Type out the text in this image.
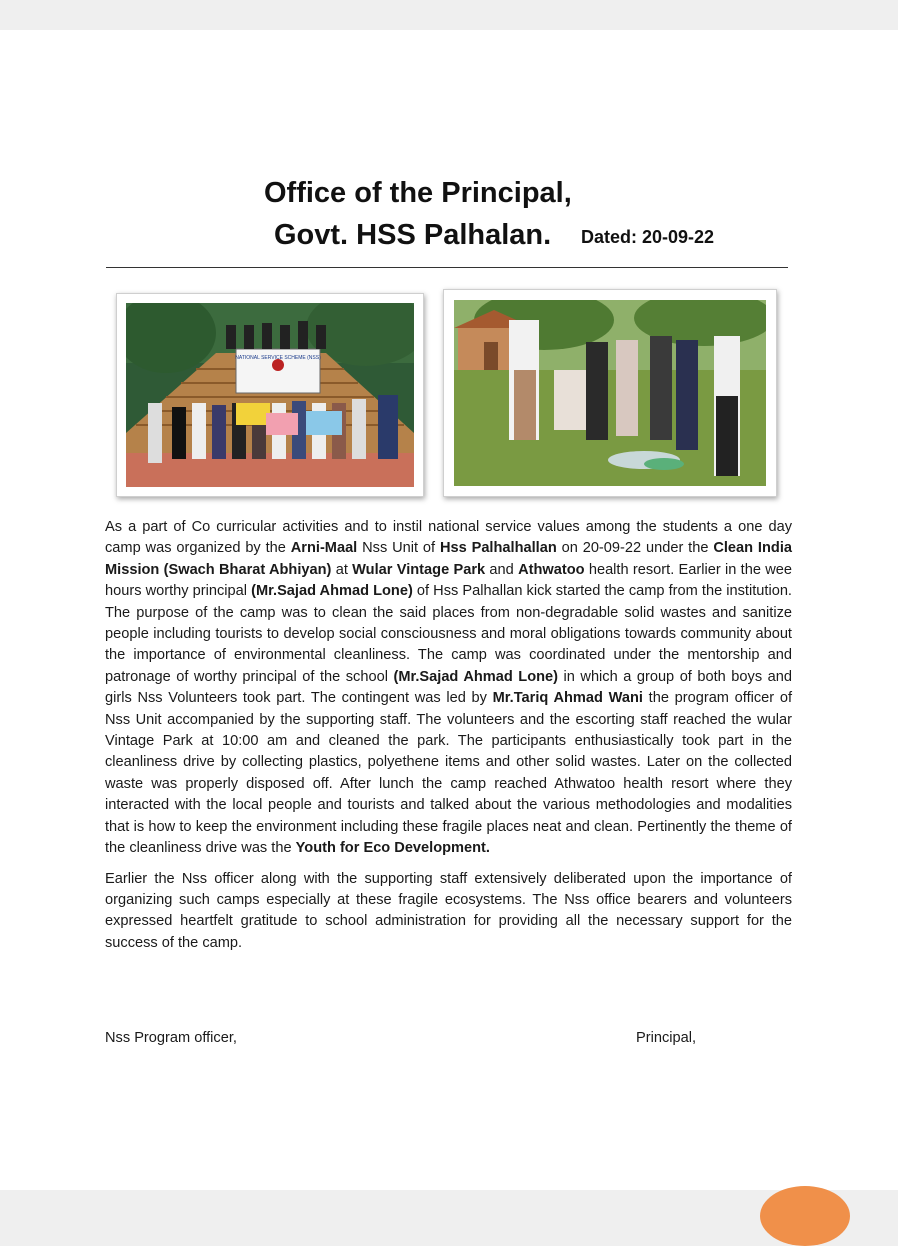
Office of the Principal,
Govt. HSS Palhalan. Dated: 20-09-22
NATIONAL SERVICE SCHEME (NSS)

As a part of Co curricular activities and to instil national service values among the students a one day camp was organized by the Arni-Maal Nss Unit of Hss Palhalhallan on 20-09-22 under the Clean India Mission (Swach Bharat Abhiyan) at Wular Vintage Park and Athwatoo health resort. Earlier in the wee hours worthy principal (Mr.Sajad Ahmad Lone) of Hss Palhallan kick started the camp from the institution. The purpose of the camp was to clean the said places from non-degradable solid wastes and sanitize people including tourists to develop social consciousness and moral obligations towards community about the importance of environmental cleanliness. The camp was coordinated under the mentorship and patronage of worthy principal of the school (Mr.Sajad Ahmad Lone) in which a group of both boys and girls Nss Volunteers took part. The contingent was led by Mr.Tariq Ahmad Wani the program officer of Nss Unit accompanied by the supporting staff. The volunteers and the escorting staff reached the wular Vintage Park at 10:00 am and cleaned the park. The participants enthusiastically took part in the cleanliness drive by collecting plastics, polyethene items and other solid wastes. Later on the collected waste was properly disposed off. After lunch the camp reached Athwatoo health resort where they interacted with the local people and tourists and talked about the various methodologies and modalities that is how to keep the environment including these fragile places neat and clean. Pertinently the theme of the cleanliness drive was the Youth for Eco Development.

Earlier the Nss officer along with the supporting staff extensively deliberated upon the importance of organizing such camps especially at these fragile ecosystems. The Nss office bearers and volunteers expressed heartfelt gratitude to school administration for providing all the necessary support for the success of the camp.

Nss Program officer,	Principal,
